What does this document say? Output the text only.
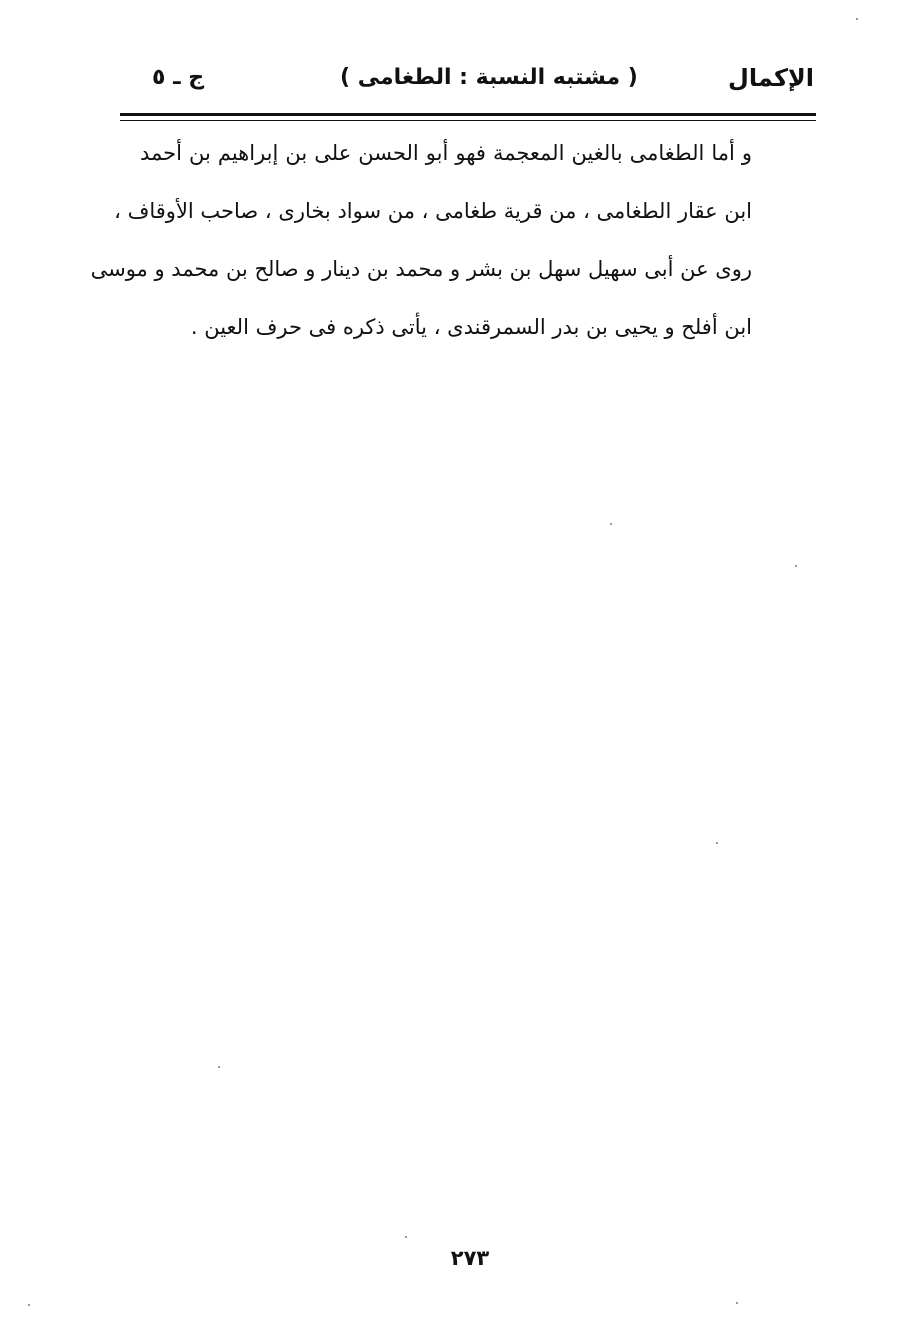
ج ـ ٥	( مشتبه النسبة : الطغامى )	الإكمال
و أما الطغامى بالغين المعجمة فهو أبو الحسن على بن إبراهيم بن أحمد
ابن عقار الطغامى ، من قرية طغامى ، من سواد بخارى ، صاحب الأوقاف ،
روى عن أبى سهيل سهل بن بشر و محمد بن دينار و صالح بن محمد و موسى
ابن أفلح و يحيى بن بدر السمرقندى ، يأتى ذكره فى حرف العين .
٢٧٣
